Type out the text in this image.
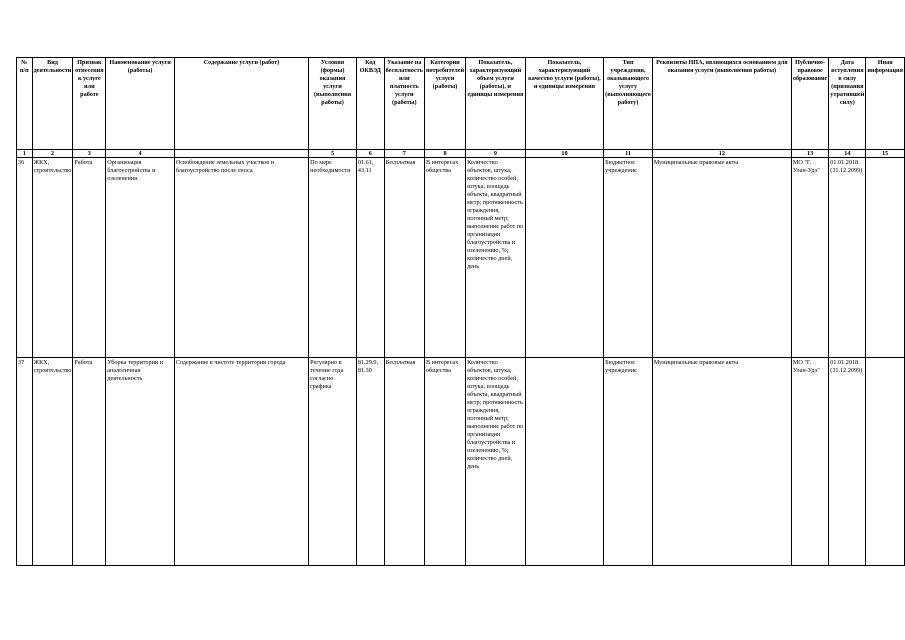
№ п/п	Вид деятельности	Признак отнесения к услуге или работе	Наименование услуги (работы)	Содержание услуги (работ)	Условия (формы) оказания услуги (выполнения работы)	Код ОКВЭД	Указание на бесплатность или платность услуги (работы)	Категории потребителей услуги (работы)	Показатель, характеризующий объем услуги (работы), и единицы измерения	Показатель, характеризующий качество услуги (работы), и единицы измерения	Тип учреждения, оказывающего услугу (выполняющего работу)	Реквизиты НПА, являющихся основанием для оказания услуги (выполнения работы)	Публично-правовое образование	Дата вступления в силу (признания утратившей силу)	Иная информация
1	2	3	4		5	6	7	8	9	10	11	12	13	14	15
36	ЖКХ, строительство	Работа	Организация благоустройства и озеленения	Освобождение земельных участков и благоустройство после сноса	По мере необходимости	01.61, 43.11	Бесплатная	В интересах общества	Количество объектов, штука; количество особей, штука; площадь объекта, квадратный метр; протяженность ограждения, погонный метр; выполнение работ по организации благоустройства и озеленению, %; количество дней, день		Бюджетное учреждение	Муниципальные правовые акты	МО "Г. Улан-Удэ"	01.01.2018 (31.12.2099)	
37	ЖКХ, строительство	Работа	Уборка территории и аналогичная деятельность	Содержание в чистоте территории города	Регулярно в течение года согласно графика	81.29.9, 81.30	Бесплатная	В интересах общества	Количество объектов, штука; количество особей, штука; площадь объекта, квадратный метр; протяженность ограждения, погонный метр; выполнение работ по организации благоустройства и озеленению, %; количество дней, день		Бюджетное учреждение	Муниципальные правовые акты	МО "Г. Улан-Удэ"	01.01.2018 (31.12.2099)	
